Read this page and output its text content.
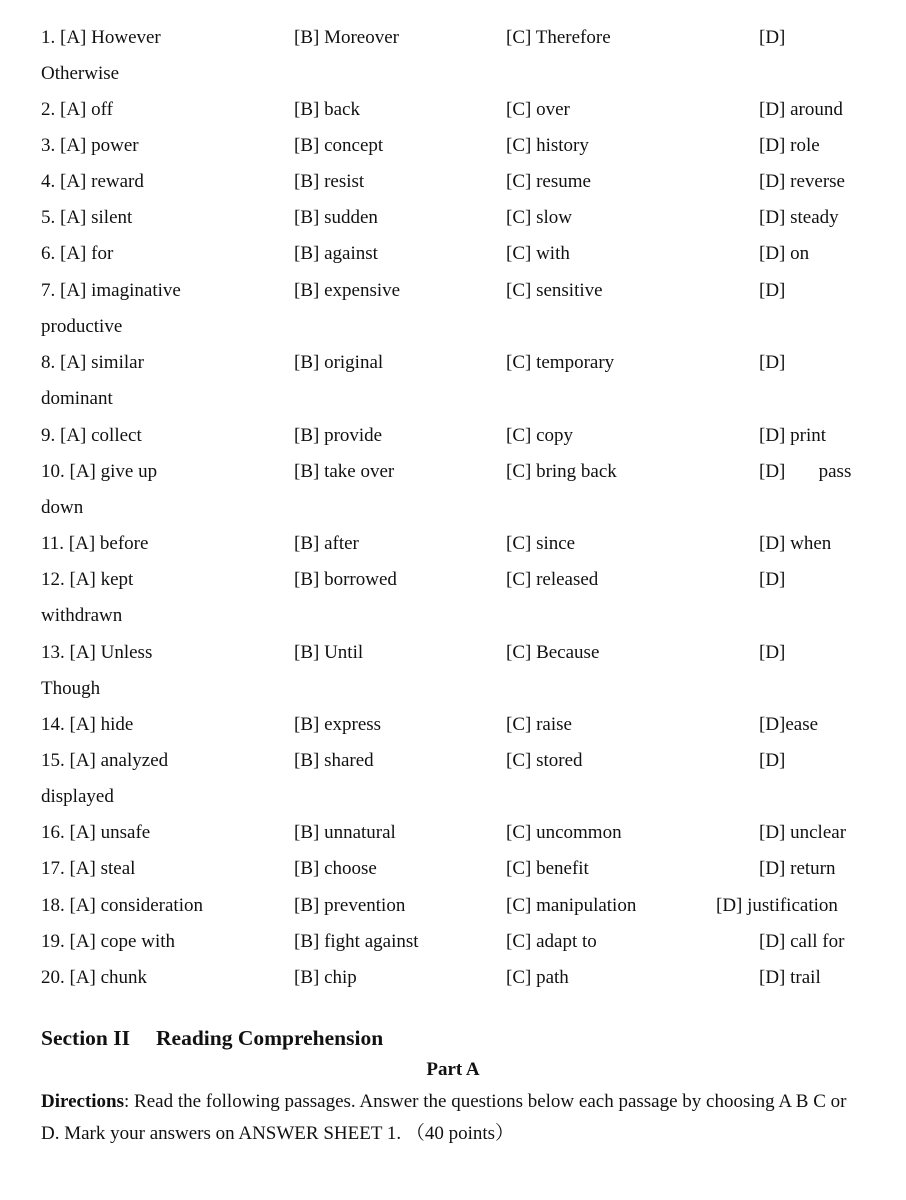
1. [A] However	[B] Moreover	[C] Therefore	[D]
Otherwise
2. [A] off	[B] back	[C] over	[D] around
3. [A] power	[B] concept	[C] history	[D] role
4. [A] reward	[B] resist	[C] resume	[D] reverse
5. [A] silent	[B] sudden	[C] slow	[D] steady
6. [A] for	[B] against	[C] with	[D] on
7. [A] imaginative	[B] expensive	[C] sensitive	[D]
productive
8. [A] similar	[B] original	[C] temporary	[D]
dominant
9. [A] collect	[B] provide	[C] copy	[D] print
10. [A] give up	[B] take over	[C] bring back	[D]       pass
down
11. [A] before	[B] after	[C] since	[D] when
12. [A] kept	[B] borrowed	[C] released	[D]
withdrawn
13. [A] Unless	[B] Until	[C] Because	[D]
Though
14. [A] hide	[B] express	[C] raise	[D]ease
15. [A] analyzed	[B] shared	[C] stored	[D]
displayed
16. [A] unsafe	[B] unnatural	[C] uncommon	[D] unclear
17. [A] steal	[B] choose	[C] benefit	[D] return
18. [A] consideration	[B] prevention	[C] manipulation	[D] justification
19. [A] cope with	[B] fight against	[C] adapt to	[D] call for
20. [A] chunk	[B] chip	[C] path	[D] trail
Section II Reading Comprehension
Part A
Directions: Read the following passages. Answer the questions below each passage by choosing A B C or D. Mark your answers on ANSWER SHEET 1. （40 points）
